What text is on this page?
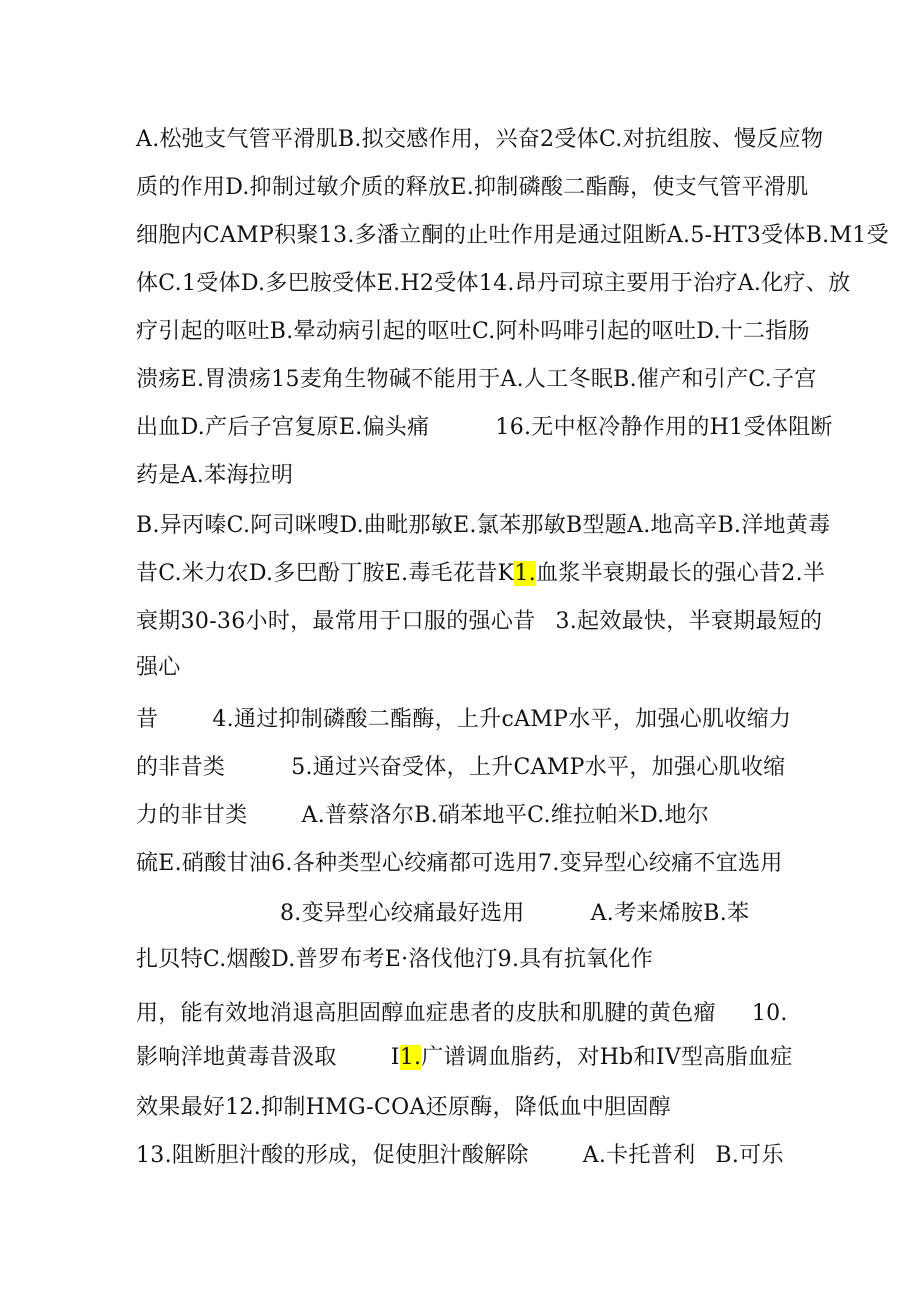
A.松弛支气管平滑肌B.拟交感作用，兴奋2受体C.对抗组胺、慢反应物
质的作用D.抑制过敏介质的释放E.抑制磷酸二酯酶，使支气管平滑肌
细胞内CAMP积聚13.多潘立酮的止吐作用是通过阻断A.5-HT3受体B.M1受
体C.1受体D.多巴胺受体E.H2受体14.昂丹司琼主要用于治疗A.化疗、放
疗引起的呕吐B.晕动病引起的呕吐C.阿朴吗啡引起的呕吐D.十二指肠
溃疡E.胃溃疡15麦角生物碱不能用于A.人工冬眠B.催产和引产C.子宫
出血D.产后子宫复原E.偏头痛	16.无中枢冷静作用的H1受体阻断
药是A.苯海拉明
B.异丙嗪C.阿司咪嗖D.曲毗那敏E.氯苯那敏B型题A.地高辛B.洋地黄毒
昔C.米力农D.多巴酚丁胺E.毒毛花昔K1.血浆半衰期最长的强心昔2.半
衰期30-36小时，最常用于口服的强心昔 3.起效最快，半衰期最短的
强心
昔 4.通过抑制磷酸二酯酶，上升cAMP水平，加强心肌收缩力
的非昔类	5.通过兴奋受体，上升CAMP水平，加强心肌收缩
力的非甘类 A.普蔡洛尔B.硝苯地平C.维拉帕米D.地尔
硫E.硝酸甘油6.各种类型心绞痛都可选用7.变异型心绞痛不宜选用
8.变异型心绞痛最好选用	A.考来烯胺B.苯
扎贝特C.烟酸D.普罗布考E·洛伐他汀9.具有抗氧化作
用，能有效地消退高胆固醇血症患者的皮肤和肌腱的黄色瘤 10.
影响洋地黄毒昔汲取 I1.广谱调血脂药，对Hb和IV型高脂血症
效果最好12.抑制HMG-COA还原酶，降低血中胆固醇
13.阻断胆汁酸的形成，促使胆汁酸解除 A.卡托普利 B.可乐
